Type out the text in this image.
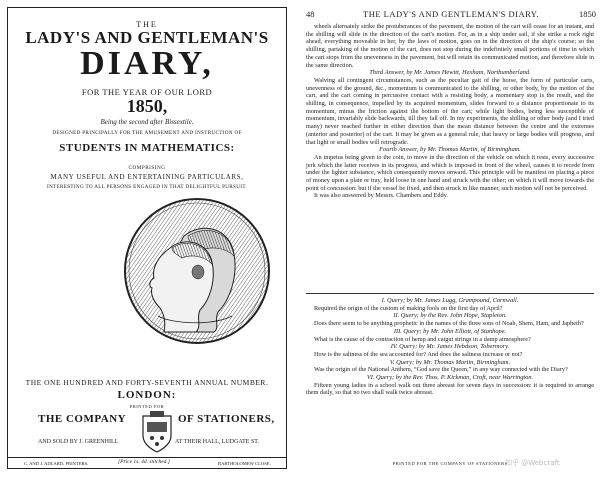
THE
LADY'S AND GENTLEMAN'S
DIARY,
FOR THE YEAR OF OUR LORD
1850,
Being the second after Bissextile.
DESIGNED PRINCIPALLY FOR THE AMUSEMENT AND INSTRUCTION OF
STUDENTS IN MATHEMATICS:
COMPRISING
MANY USEFUL AND ENTERTAINING PARTICULARS,
INTERESTING TO ALL PERSONS ENGAGED IN THAT DELIGHTFUL PURSUIT.
THE ONE HUNDRED AND FORTY-SEVENTH ANNUAL NUMBER.
LONDON:
PRINTED FOR
THE COMPANY	OF STATIONERS,
AND SOLD BY J. GREENHILL	AT THEIR HALL, LUDGATE ST.
C. AND J. ADLARD, PRINTERS,	[Price 1s. 4d. stitched.]	BARTHOLOMEW CLOSE.
48	THE LADY'S AND GENTLEMAN'S DIARY.	1850

wheels alternately strike the protuberances of the pavement, the motion of the cart will cease for an instant, and the shilling will slide in the direction of the cart's motion. For, as in a ship under sail, if she strike a rock right ahead, everything moveable in her, by the laws of motion, goes on in the direction of the ship's course; so the shilling, partaking of the motion of the cart, does not stop during the indefinitely small portions of time in which the cart stops from the unevenness in the pavement, but will retain its communicated motion, and therefore slide in the same direction.

Third Answer, by Mr. James Hewitt, Hexham, Northumberland.

Walving all contingent circumstances, such as the peculiar gait of the horse, the form of particular carts, unevenness of the ground, &c., momentum is communicated to the shilling, or other body, by the motion of the cart, and the cart coming in percussive contact with a resisting body, a momentary stop is the result, and the shilling, in consequence, impelled by its acquired momentum, slides forward to a distance proportionate to its momentum, minus the friction against the bottom of the cart; while light bodies, being less susceptible of momentum, invariably slide backwards, till they fall off. In my experiments, the shilling or other body (and I tried many) never reached further in either direction than the mean distance between the centre and the extremes (anterior and posterior) of the cart. It may be given as a general rule, that heavy or large bodies will progress, and that light or small bodies will retrograde.

Fourth Answer, by Mr. Thomas Martin, of Birmingham.

An impetus being given to the coin, to move in the direction of the vehicle on which it rests, every successive jerk which the latter receives in its progress, and which is imposed in front of the wheel, causes it to recede from under the lighter substance, which consequently moves onward. This principle will be manifest on placing a piece of money upon a plate or tray, held loose in one hand and struck with the other; on which it will move towards the point of concussion: but if the vessel be fixed, and then struck in like manner, such motion will not be perceived.

It was also answered by Messrs. Chambers and Eddy.

I. Query; by Mr. James Lugg, Grampound, Cornwall.

Required the origin of the custom of making fools on the first day of April?

II. Query; by the Rev. John Hope, Stapleton.

Does there seem to be anything prophetic in the names of the three sons of Noah, Shem, Ham, and Japheth?

III. Query; by Mr. John Elliott, of Stanhope.

What is the cause of the contraction of hemp and catgut strings in a damp atmosphere?

IV. Query; by Mr. James Hebdson, Tobermory.

How is the saltness of the sea accounted for? And does the saltness increase or not?

V. Query; by Mr. Thomas Martin, Birmingham.

Was the origin of the National Anthem, “God save the Queen,” in any way connected with the Diary?

VI. Query; by the Rev. Thos. P. Kirkman, Croft, near Warrington.

Fifteen young ladies in a school walk out three abreast for seven days in succession: it is required to arrange them daily, so that no two shall walk twice abreast.

PRINTED FOR THE COMPANY OF STATIONERS.
知乎 @Webcraft
